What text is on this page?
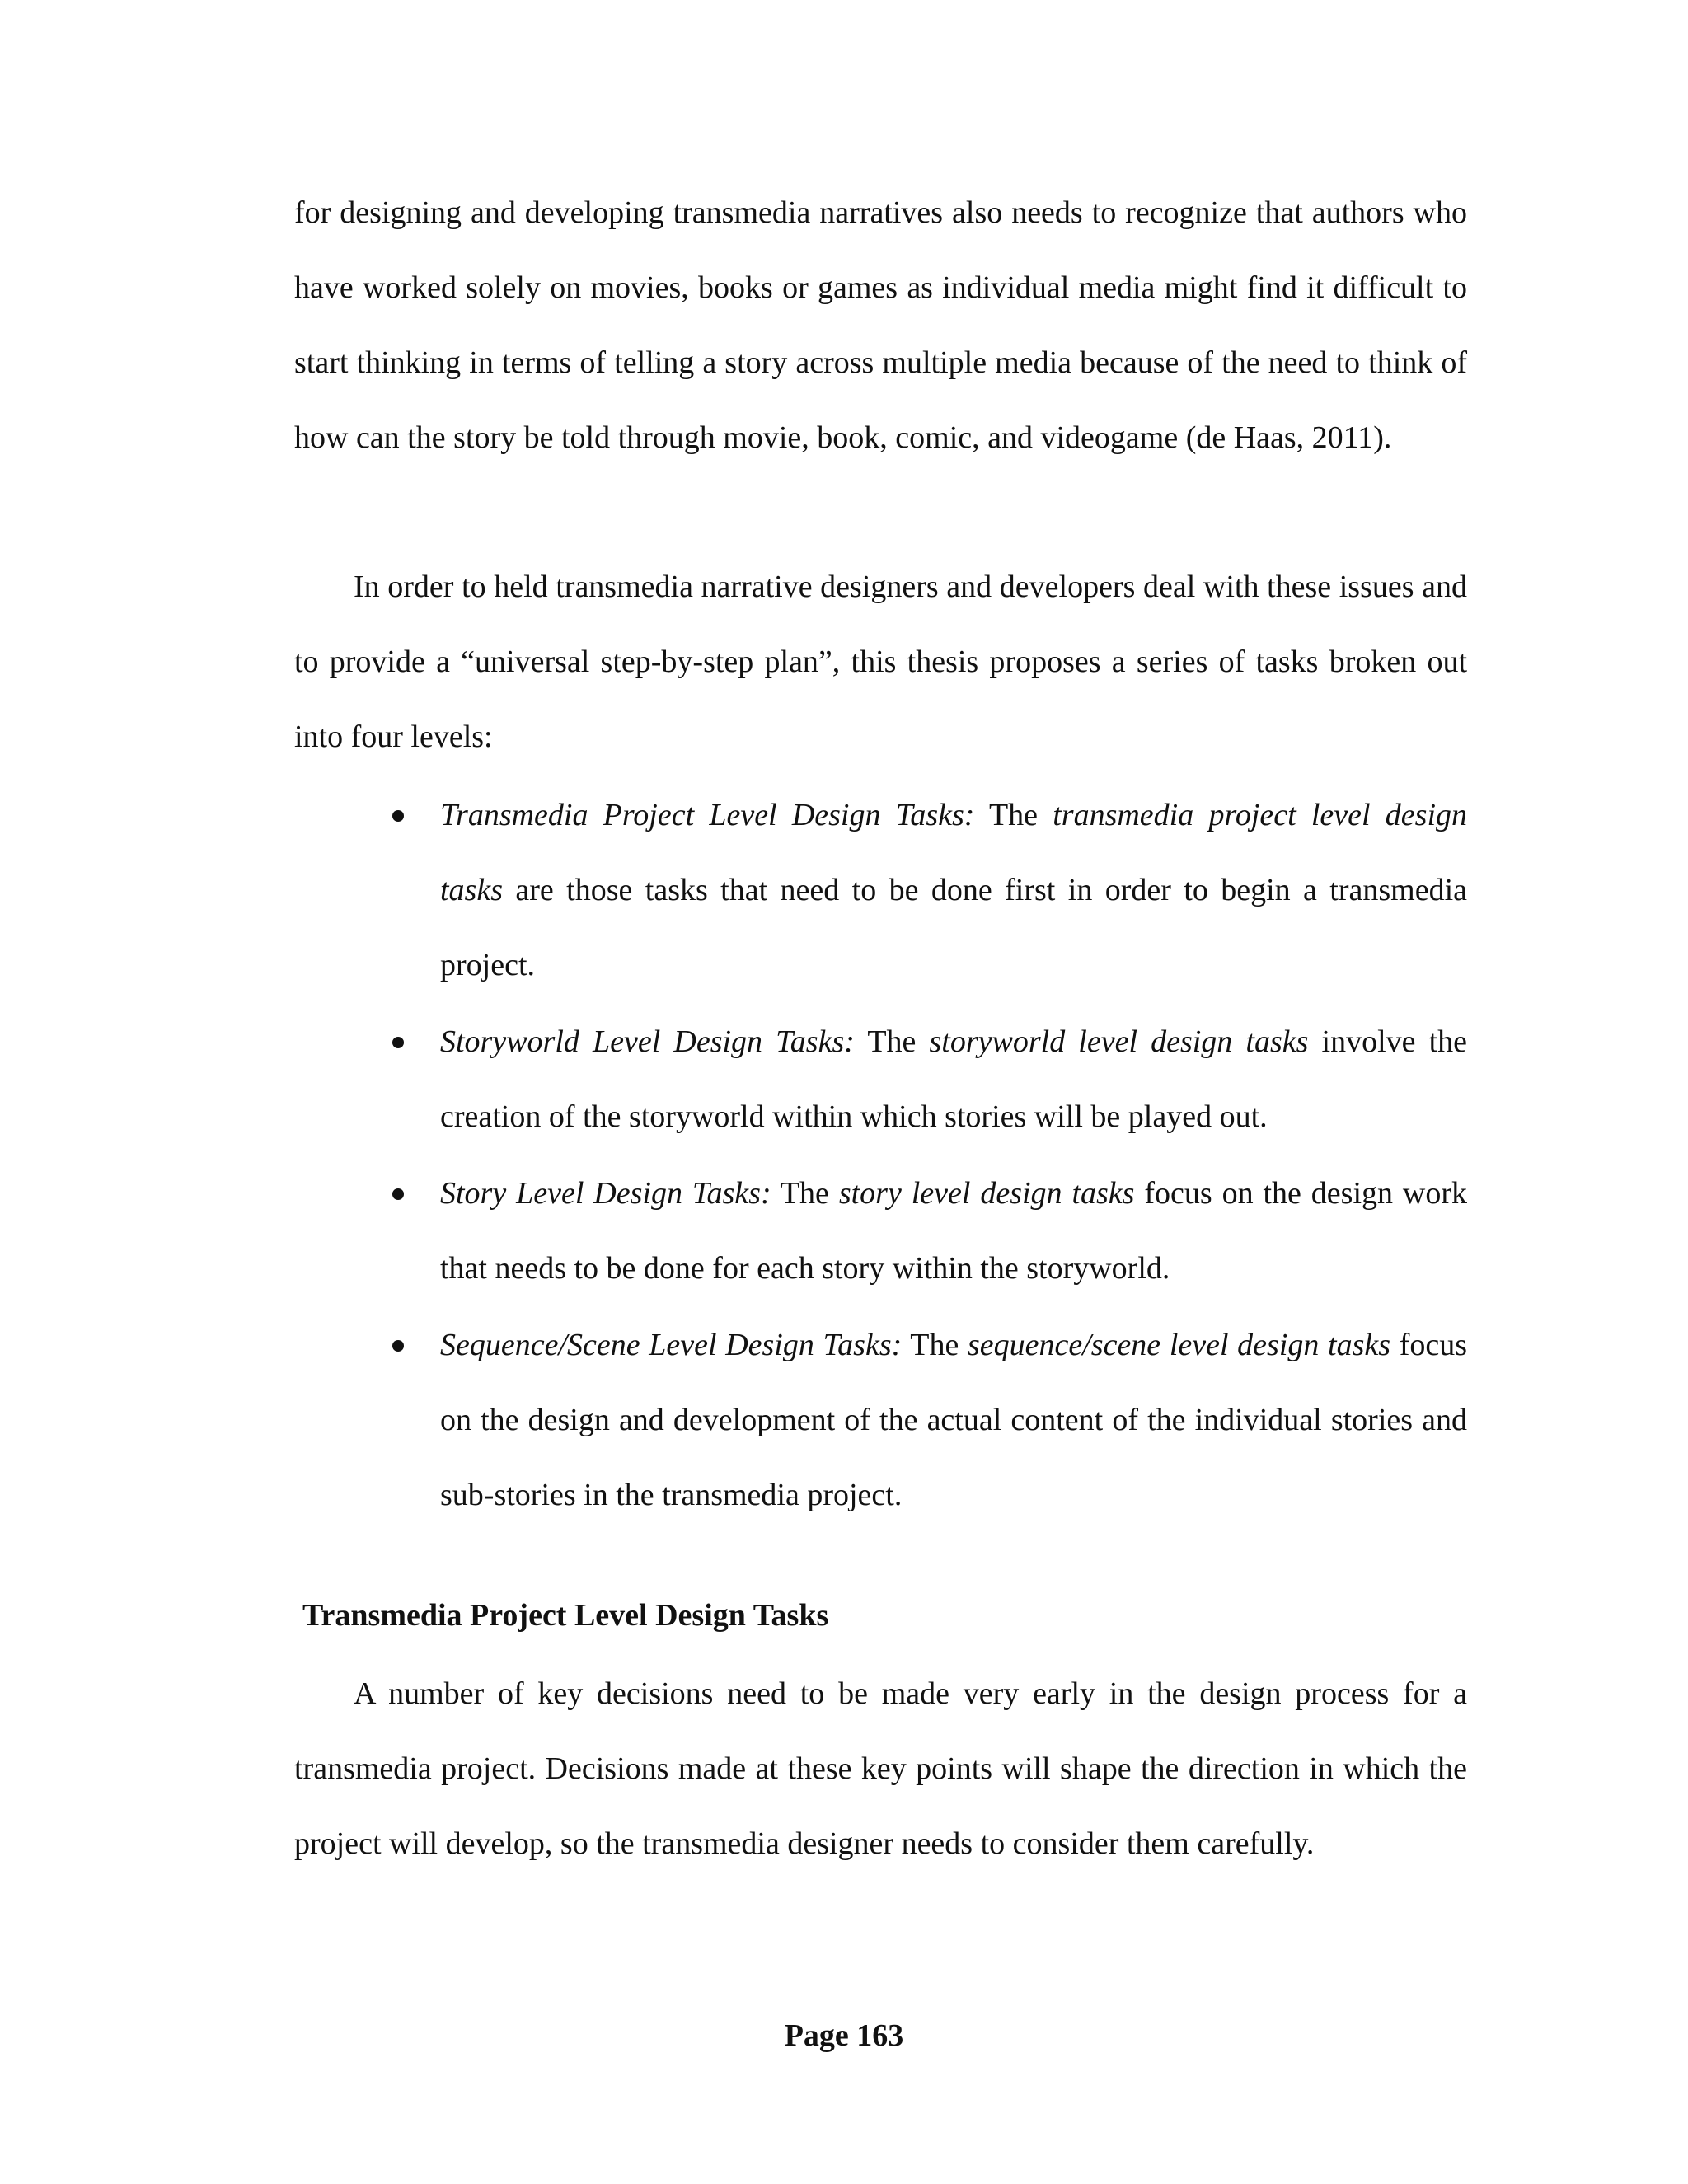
for designing and developing transmedia narratives also needs to recognize that authors who have worked solely on movies, books or games as individual media might find it difficult to start thinking in terms of telling a story across multiple media because of the need to think of how can the story be told through movie, book, comic, and videogame (de Haas, 2011).

In order to held transmedia narrative designers and developers deal with these issues and to provide a “universal step-by-step plan”, this thesis proposes a series of tasks broken out into four levels:

Transmedia Project Level Design Tasks: The transmedia project level design tasks are those tasks that need to be done first in order to begin a transmedia project.
Storyworld Level Design Tasks: The storyworld level design tasks involve the creation of the storyworld within which stories will be played out.
Story Level Design Tasks: The story level design tasks focus on the design work that needs to be done for each story within the storyworld.
Sequence/Scene Level Design Tasks: The sequence/scene level design tasks focus on the design and development of the actual content of the individual stories and sub-stories in the transmedia project.
Transmedia Project Level Design Tasks

A number of key decisions need to be made very early in the design process for a transmedia project. Decisions made at these key points will shape the direction in which the project will develop, so the transmedia designer needs to consider them carefully.

Page 163
